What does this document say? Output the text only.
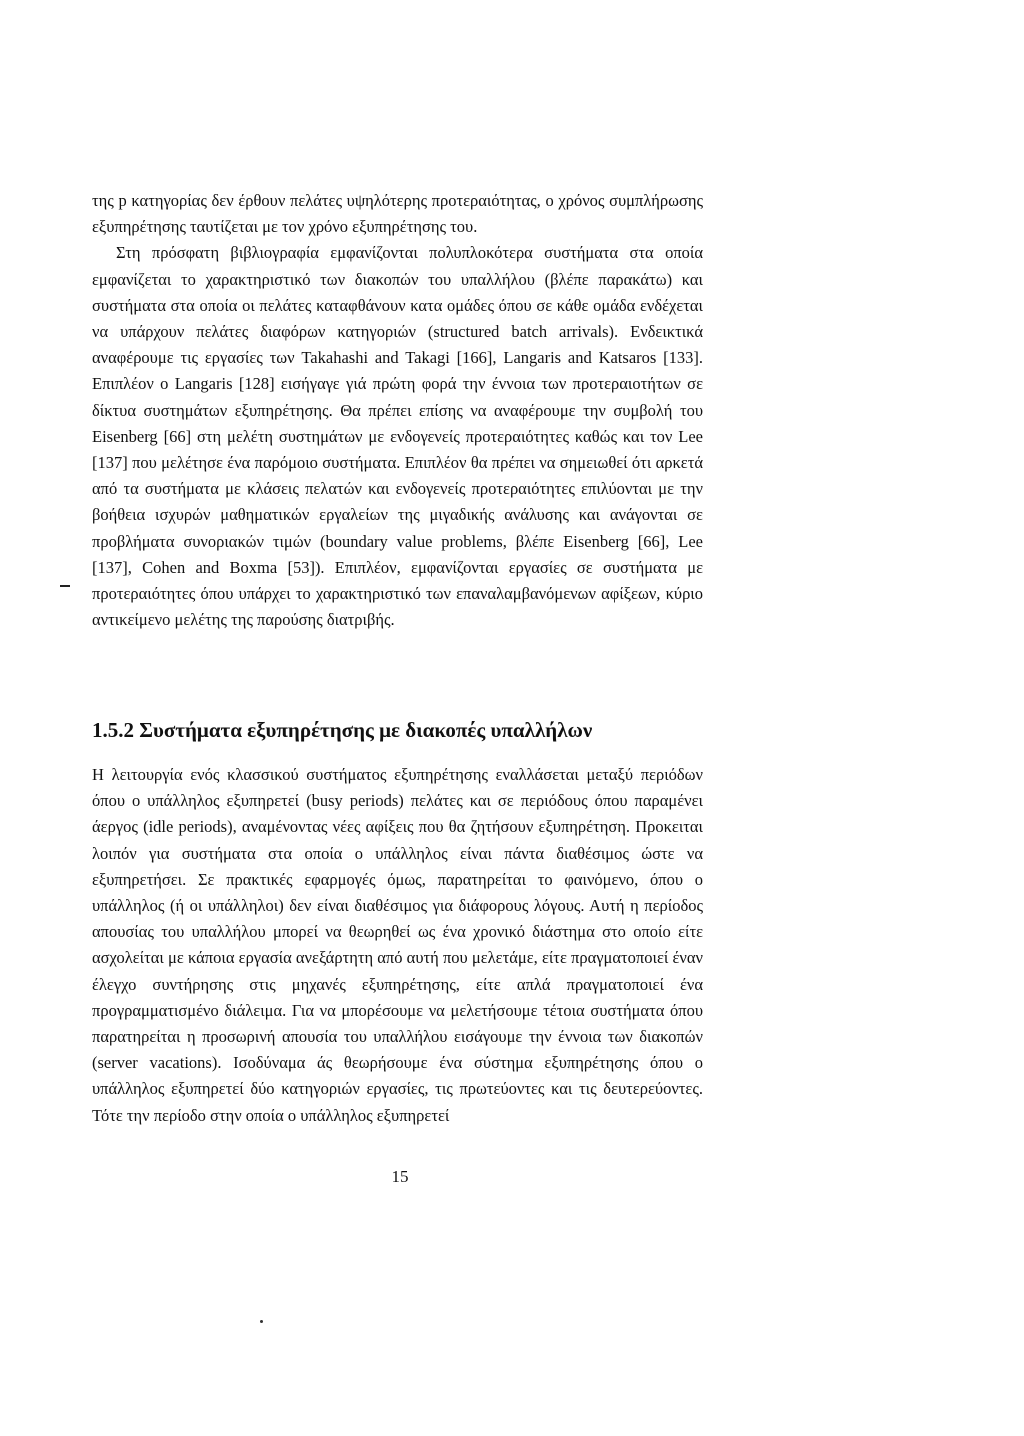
της p κατηγορίας δεν έρθουν πελάτες υψηλότερης προτεραιότητας, ο χρόνος συμπλήρωσης εξυπηρέτησης ταυτίζεται με τον χρόνο εξυπηρέτησης του.

Στη πρόσφατη βιβλιογραφία εμφανίζονται πολυπλοκότερα συστήματα στα οποία εμφανίζεται το χαρακτηριστικό των διακοπών του υπαλλήλου (βλέπε παρακάτω) και συστήματα στα οποία οι πελάτες καταφθάνουν κατα ομάδες όπου σε κάθε ομάδα ενδέχεται να υπάρχουν πελάτες διαφόρων κατηγοριών (structured batch arrivals). Ενδεικτικά αναφέρουμε τις εργασίες των Takahashi and Takagi [166], Langaris and Katsaros [133]. Επιπλέον ο Langaris [128] εισήγαγε γιά πρώτη φορά την έννοια των προτεραιοτήτων σε δίκτυα συστημάτων εξυπηρέτησης. Θα πρέπει επίσης να αναφέρουμε την συμβολή του Eisenberg [66] στη μελέτη συστημάτων με ενδογενείς προτεραιότητες καθώς και τον Lee [137] που μελέτησε ένα παρόμοιο συστήματα. Επιπλέον θα πρέπει να σημειωθεί ότι αρκετά από τα συστήματα με κλάσεις πελατών και ενδογενείς προτεραιότητες επιλύονται με την βοήθεια ισχυρών μαθηματικών εργαλείων της μιγαδικής ανάλυσης και ανάγονται σε προβλήματα συνοριακών τιμών (boundary value problems, βλέπε Eisenberg [66], Lee [137], Cohen and Boxma [53]). Επιπλέον, εμφανίζονται εργασίες σε συστήματα με προτεραιότητες όπου υπάρχει το χαρακτηριστικό των επαναλαμβανόμενων αφίξεων, κύριο αντικείμενο μελέτης της παρούσης διατριβής.

1.5.2 Συστήματα εξυπηρέτησης με διακοπές υπαλλήλων

Η λειτουργία ενός κλασσικού συστήματος εξυπηρέτησης εναλλάσεται μεταξύ περιόδων όπου ο υπάλληλος εξυπηρετεί (busy periods) πελάτες και σε περιόδους όπου παραμένει άεργος (idle periods), αναμένοντας νέες αφίξεις που θα ζητήσουν εξυπηρέτηση. Προκειται λοιπόν για συστήματα στα οποία ο υπάλληλος είναι πάντα διαθέσιμος ώστε να εξυπηρετήσει. Σε πρακτικές εφαρμογές όμως, παρατηρείται το φαινόμενο, όπου ο υπάλληλος (ή οι υπάλληλοι) δεν είναι διαθέσιμος για διάφορους λόγους. Αυτή η περίοδος απουσίας του υπαλλήλου μπορεί να θεωρηθεί ως ένα χρονικό διάστημα στο οποίο είτε ασχολείται με κάποια εργασία ανεξάρτητη από αυτή που μελετάμε, είτε πραγματοποιεί έναν έλεγχο συντήρησης στις μηχανές εξυπηρέτησης, είτε απλά πραγματοποιεί ένα προγραμματισμένο διάλειμα. Για να μπορέσουμε να μελετήσουμε τέτοια συστήματα όπου παρατηρείται η προσωρινή απουσία του υπαλλήλου εισάγουμε την έννοια των διακοπών (server vacations). Ισοδύναμα άς θεωρήσουμε ένα σύστημα εξυπηρέτησης όπου ο υπάλληλος εξυπηρετεί δύο κατηγοριών εργασίες, τις πρωτεύοντες και τις δευτερεύοντες. Τότε την περίοδο στην οποία ο υπάλληλος εξυπηρετεί

15
